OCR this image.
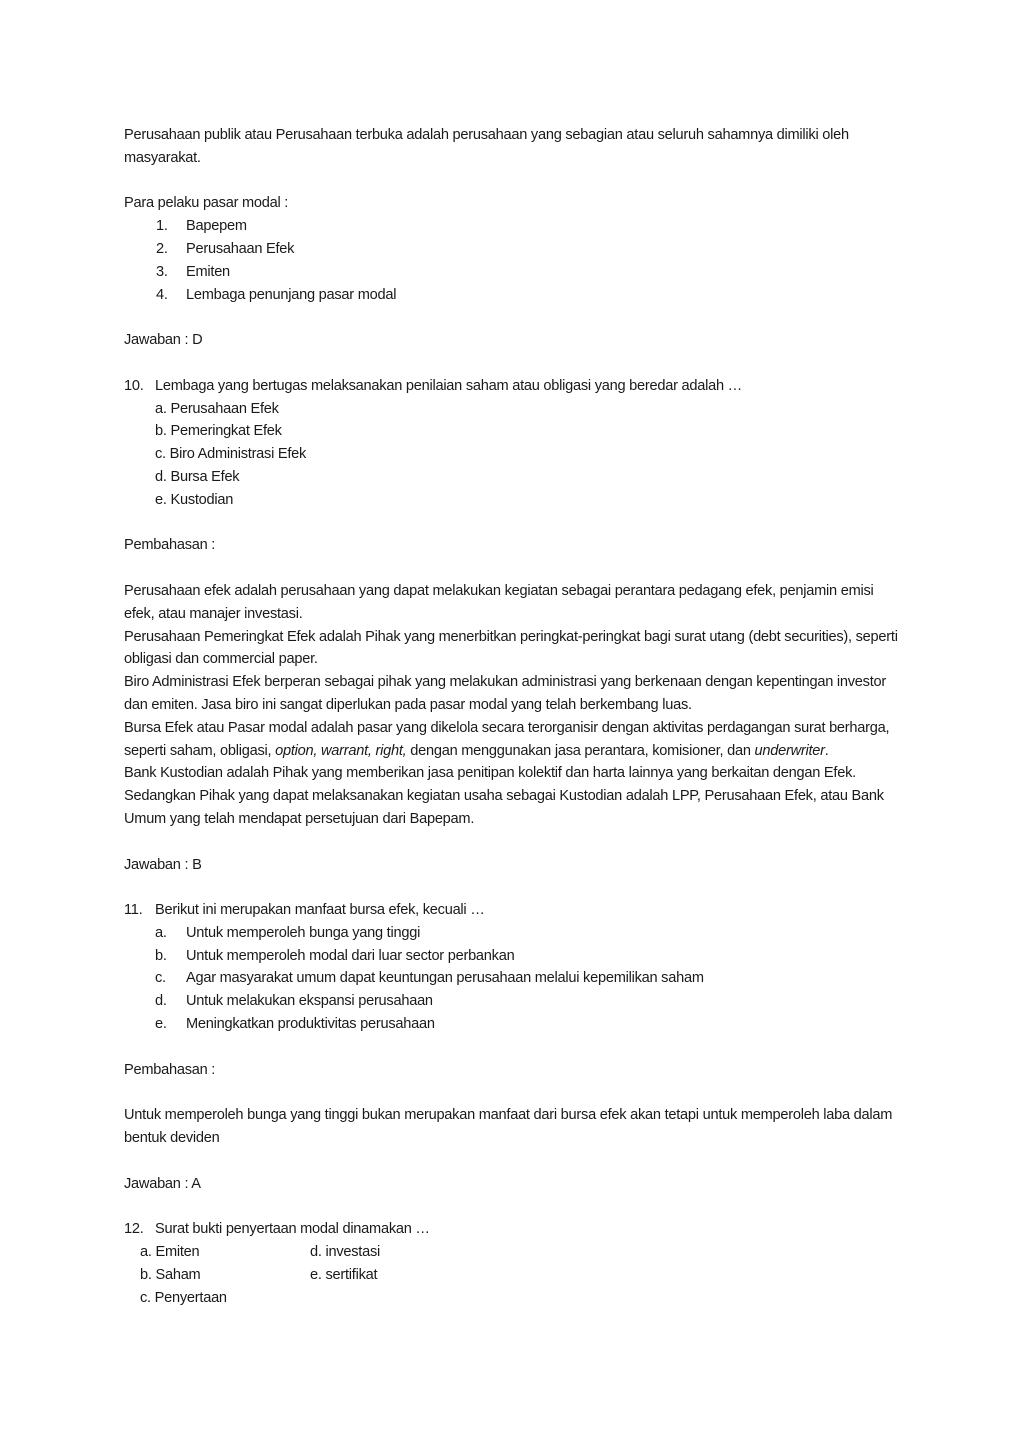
Perusahaan publik atau Perusahaan terbuka adalah perusahaan yang sebagian atau seluruh sahamnya dimiliki oleh masyarakat.

Para pelaku pasar modal :

1. Bapepem
2. Perusahaan Efek
3. Emiten
4. Lembaga penunjang pasar modal

Jawaban : D

10. Lembaga yang bertugas melaksanakan penilaian saham atau obligasi yang beredar adalah …
a. Perusahaan Efek
b. Pemeringkat Efek
c. Biro Administrasi Efek
d. Bursa Efek
e. Kustodian

Pembahasan :

Perusahaan efek adalah perusahaan yang dapat melakukan kegiatan sebagai perantara pedagang efek, penjamin emisi efek, atau manajer investasi.

Perusahaan Pemeringkat Efek adalah Pihak yang menerbitkan peringkat-peringkat bagi surat utang (debt securities), seperti obligasi dan commercial paper.

Biro Administrasi Efek berperan sebagai pihak yang melakukan administrasi yang berkenaan dengan kepentingan investor dan emiten. Jasa biro ini sangat diperlukan pada pasar modal yang telah berkembang luas.

Bursa Efek atau Pasar modal adalah pasar yang dikelola secara terorganisir dengan aktivitas perdagangan surat berharga, seperti saham, obligasi, option, warrant, right, dengan menggunakan jasa perantara, komisioner, dan underwriter.

Bank Kustodian adalah Pihak yang memberikan jasa penitipan kolektif dan harta lainnya yang berkaitan dengan Efek. Sedangkan Pihak yang dapat melaksanakan kegiatan usaha sebagai Kustodian adalah LPP, Perusahaan Efek, atau Bank Umum yang telah mendapat persetujuan dari Bapepam.

Jawaban : B

11. Berikut ini merupakan manfaat bursa efek, kecuali …
a. Untuk memperoleh bunga yang tinggi
b. Untuk memperoleh modal dari luar sector perbankan
c. Agar masyarakat umum dapat keuntungan perusahaan melalui kepemilikan saham
d. Untuk melakukan ekspansi perusahaan
e. Meningkatkan produktivitas perusahaan

Pembahasan :

Untuk memperoleh bunga yang tinggi bukan merupakan manfaat dari bursa efek akan tetapi untuk memperoleh laba dalam bentuk deviden

Jawaban : A

12. Surat bukti penyertaan modal dinamakan …
a. Emiten	d. investasi
b. Saham	e. sertifikat
c. Penyertaan
